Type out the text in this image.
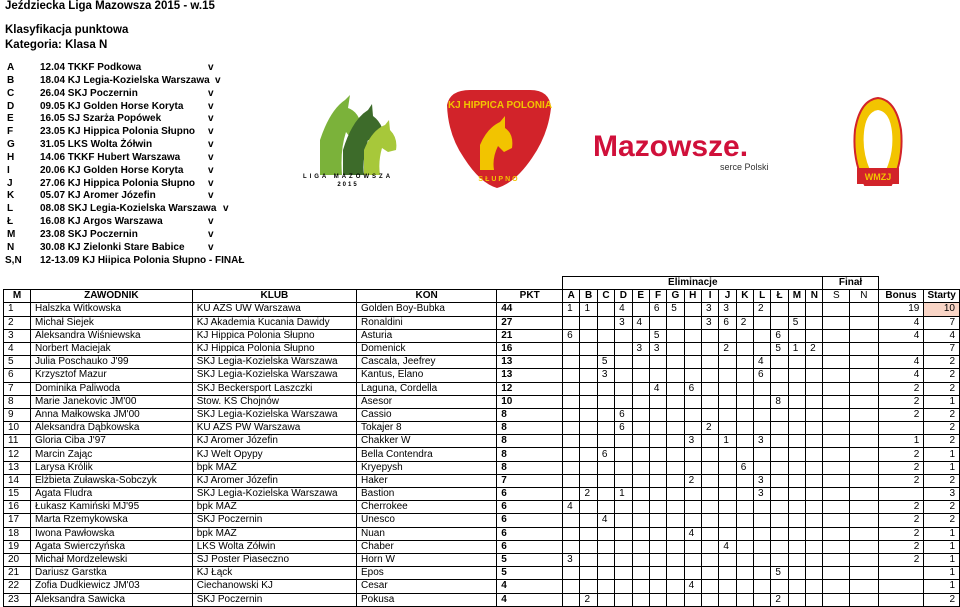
Jeździecka Liga Mazowsza 2015 - w.15
Klasyfikacja punktowa
Kategoria: Klasa N
A	12.04 TKKF Podkowa	v
B	18.04 KJ Legia-Kozielska Warszawa v
C	26.04 SKJ Poczernin	v
D	09.05 KJ Golden Horse Koryta v
E	16.05 SJ Szarża Popówek	v
F	23.05 KJ Hippica Polonia Słupno v
G	31.05 LKS Wolta Żółwin	v
H	14.06 TKKF Hubert Warszawa	v
I	20.06 KJ Golden Horse Koryta v
J	27.06 KJ Hippica Polonia Słupno v
K	05.07 KJ Aromer Józefin	v
L	08.08 SKJ Legia-Kozielska Warszawa v
Ł	16.08 KJ Argos Warszawa	v
M 23.08 SKJ Poczernin	v
N	30.08 KJ Zielonki Stare Babice v
S,N 12-13.09 KJ Hiipica Polonia Słupno - FINAŁ
LIGA MAZOWSZA
2015
KJ HIPPICA POLONIA
SŁUPNO
Mazowsze.
serce Polski
WMZJ
					Eliminacje															Finał			
M	ZAWODNIK	KLUB	KOŃ	PKT	A	B	C	D	E	F	G	H	I	J	K	L	Ł	M	N	S	N	Bonus	Starty
1	Halszka Witkowska	KU AZS UW Warszawa	Golden Boy-Bubka	44	1	1		4		6	5		3	3		2						19	10
2	Michał Siejek	KJ Akademia Kucania Dawidy	Ronaldini	27				3	4				3	6	2			5				4	7
3	Aleksandra Wiśniewska	KJ Hippica Polonia Słupno	Asturia	21	6					5							6					4	4
4	Norbert Maciejak	KJ Hippica Polonia Słupno	Domenick	16					3	3				2			5	1	2				7
5	Julia Poschauko J'99	SKJ Legia-Kozielska Warszawa	Cascala, Jeefrey	13			5									4						4	2
6	Krzysztof Mazur	SKJ Legia-Kozielska Warszawa	Kantus, Elano	13			3									6						4	2
7	Dominika Paliwoda	SKJ Beckersport Laszczki	Laguna, Cordella	12						4		6										2	2
8	Marie Janekovic JM'00	Stow. KS Chojnów	Asesor	10													8					2	1
9	Anna Małkowska JM'00	SKJ Legia-Kozielska Warszawa	Cassio	8				6														2	2
10	Aleksandra Dąbkowska	KU AZS PW Warszawa	Tokajer 8	8				6					2										2
11	Gloria Ciba J'97	KJ Aromer Józefin	Chakker W	8								3		1		3						1	2
12	Marcin Zając	KJ Welt Opypy	Bella Contendra	8			6															2	1
13	Larysa Królik	bpk MAZ	Kryepysh	8											6							2	1
14	Elżbieta Żuławska-Sobczyk	KJ Aromer Józefin	Haker	7								2				3						2	2
15	Agata Fludra	SKJ Legia-Kozielska Warszawa	Bastion	6		2		1								3							3
16	Łukasz Kamiński MJ'95	bpk MAZ	Cherrokee	6	4																	2	2
17	Marta Rzemykowska	SKJ Poczernin	Unesco	6			4															2	2
18	Iwona Pawłowska	bpk MAZ	Nuan	6								4										2	1
19	Agata Świerczyńska	LKS Wolta Żółwin	Chaber	6										4								2	1
20	Michał Mordzelewski	SJ Poster Piaseczno	Horn W	5	3																	2	1
21	Dariusz Garstka	KJ Łąck	Epos	5													5						1
22	Zofia Dudkiewicz JM'03	Ciechanowski KJ	Cesar	4								4											1
23	Aleksandra Sawicka	SKJ Poczernin	Pokusa	4		2											2						2
